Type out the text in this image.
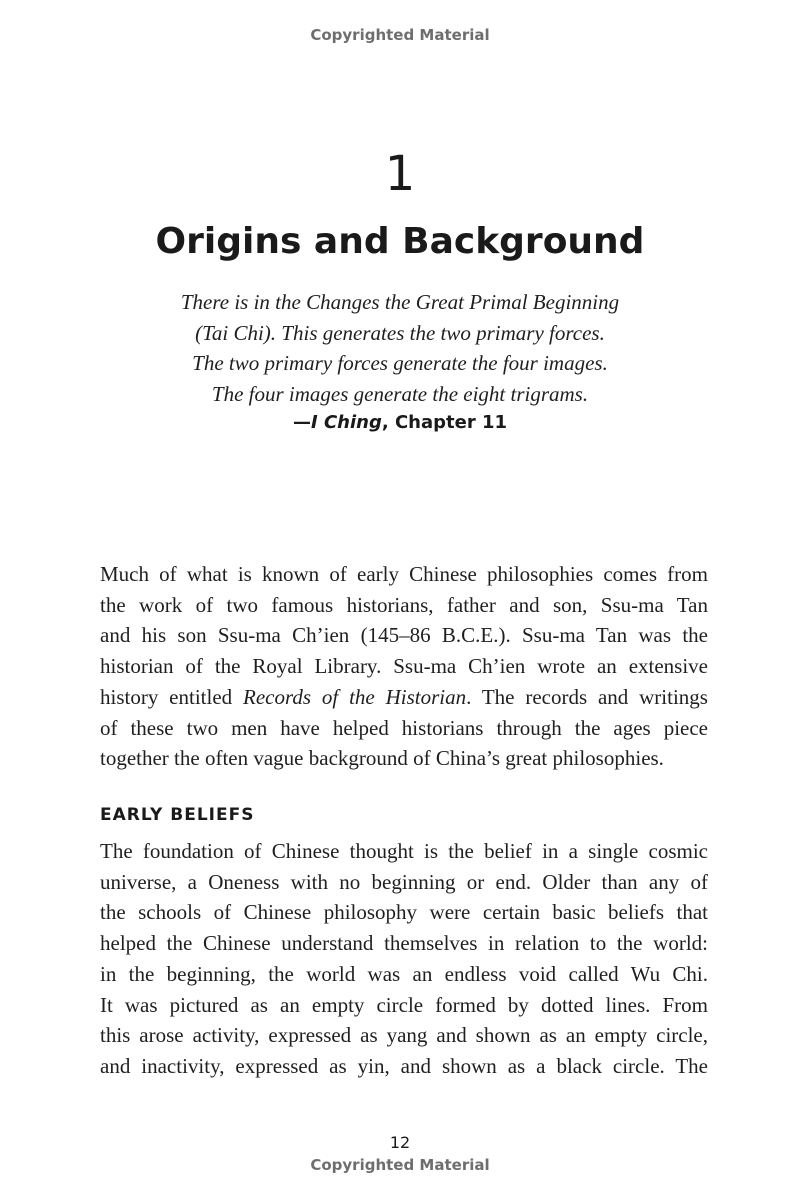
Copyrighted Material
1
Origins and Background
There is in the Changes the Great Primal Beginning
(Tai Chi). This generates the two primary forces.
The two primary forces generate the four images.
The four images generate the eight trigrams.
—I Ching, Chapter 11
Much of what is known of early Chinese philosophies comes from
the work of two famous historians, father and son, Ssu-ma Tan
and his son Ssu-ma Ch’ien (145–86 B.C.E.). Ssu-ma Tan was the
historian of the Royal Library. Ssu-ma Ch’ien wrote an extensive
history entitled Records of the Historian. The records and writings
of these two men have helped historians through the ages piece
together the often vague background of China’s great philosophies.
EARLY BELIEFS
The foundation of Chinese thought is the belief in a single cosmic
universe, a Oneness with no beginning or end. Older than any of
the schools of Chinese philosophy were certain basic beliefs that
helped the Chinese understand themselves in relation to the world:
in the beginning, the world was an endless void called Wu Chi.
It was pictured as an empty circle formed by dotted lines. From
this arose activity, expressed as yang and shown as an empty circle,
and inactivity, expressed as yin, and shown as a black circle. The
12
Copyrighted Material
